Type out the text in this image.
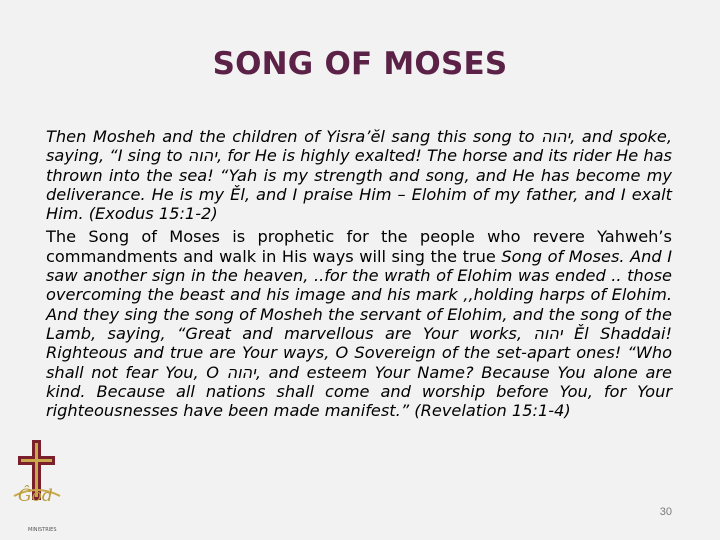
SONG OF MOSES

Then Mosheh and the children of Yisra’ĕl sang this song to יהוה, and spoke, saying, “I sing to יהוה, for He is highly exalted! The horse and its rider He has thrown into the sea! “Yah is my strength and song, and He has become my deliverance. He is my Ěl, and I praise Him – Elohim of my father, and I exalt Him. (Exodus 15:1-2)

The Song of Moses is prophetic for the people who revere Yahweh’s commandments and walk in His ways will sing the true Song of Moses. And I saw another sign in the heaven, ..for the wrath of Elohim was ended .. those overcoming the beast and his image and his mark ,,holding harps of Elohim. And they sing the song of Mosheh the servant of Elohim, and the song of the Lamb, saying, “Great and marvellous are Your works, יהוה Ěl Shaddai! Righteous and true are Your ways, O Sovereign of the set-apart ones! “Who shall not fear You, O יהוה, and esteem Your Name? Because You alone are kind. Because all nations shall come and worship before You, for Your righteousnesses have been made manifest.” (Revelation 15:1-4)

Ĝod
MINISTRIES
30
